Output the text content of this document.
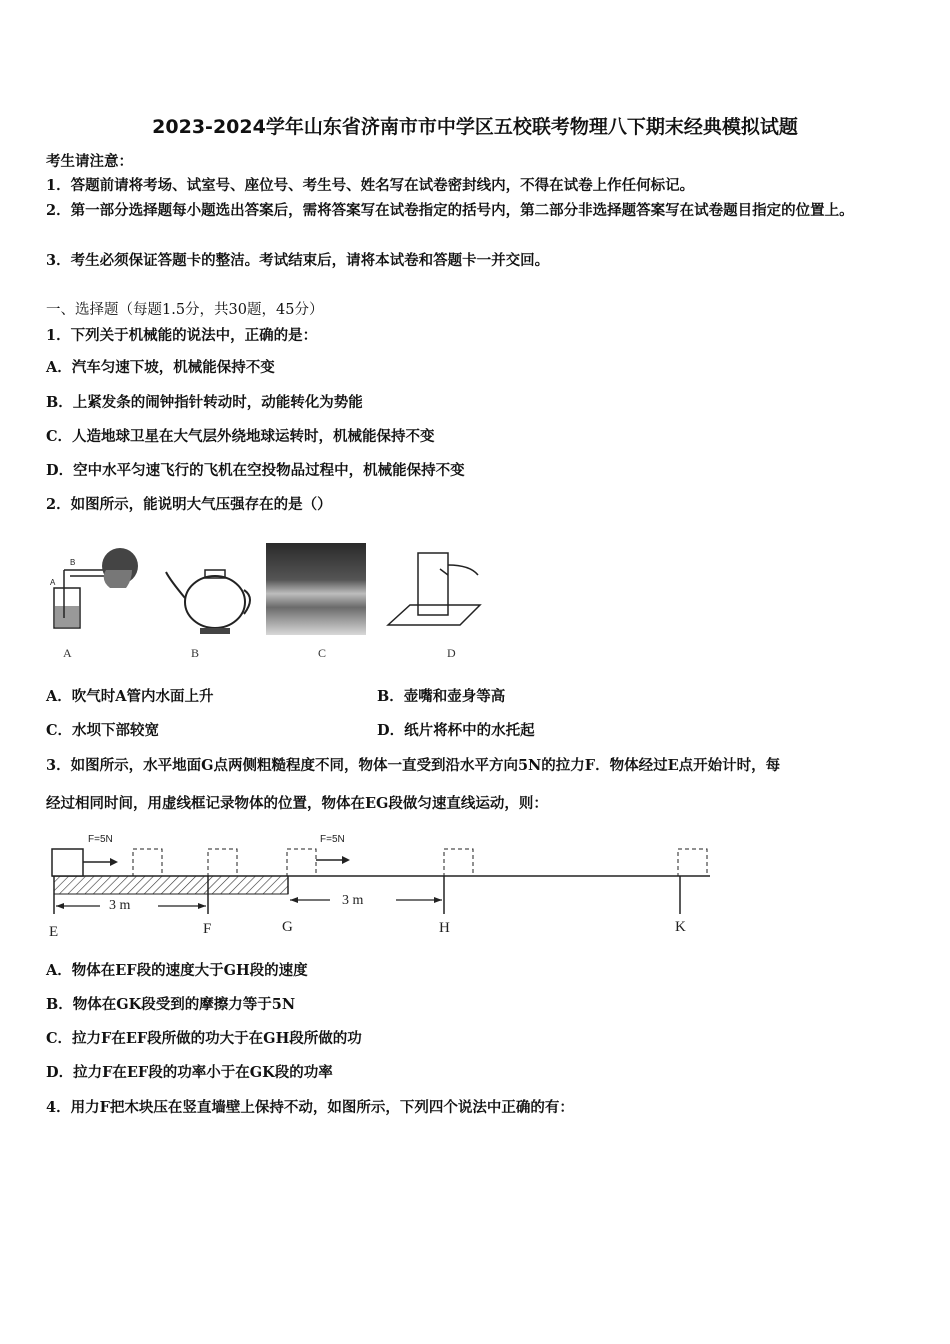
2023-2024学年山东省济南市市中学区五校联考物理八下期末经典模拟试题
考生请注意：
1．答题前请将考场、试室号、座位号、考生号、姓名写在试卷密封线内，不得在试卷上作任何标记。
2．第一部分选择题每小题选出答案后，需将答案写在试卷指定的括号内，第二部分非选择题答案写在试卷题目指定的位置上。
3．考生必须保证答题卡的整洁。考试结束后，请将本试卷和答题卡一并交回。
一、选择题（每题1.5分，共30题，45分）
1．下列关于机械能的说法中，正确的是：
A．汽车匀速下坡，机械能保持不变
B．上紧发条的闹钟指针转动时，动能转化为势能
C．人造地球卫星在大气层外绕地球运转时，机械能保持不变
D．空中水平匀速飞行的飞机在空投物品过程中，机械能保持不变
2．如图所示，能说明大气压强存在的是（）
A
B
A	B	C	D
A．吹气时A管内水面上升	B．壶嘴和壶身等高
C．水坝下部较宽	D．纸片将杯中的水托起
3．如图所示，水平地面G点两侧粗糙程度不同，物体一直受到沿水平方向5N的拉力F．物体经过E点开始计时，每
经过相同时间，用虚线框记录物体的位置，物体在EG段做匀速直线运动，则：
F=5N	F=5N
3 m	3 m
E	F	G	H	K
A．物体在EF段的速度大于GH段的速度
B．物体在GK段受到的摩擦力等于5N
C．拉力F在EF段所做的功大于在GH段所做的功
D．拉力F在EF段的功率小于在GK段的功率
4．用力F把木块压在竖直墙壁上保持不动，如图所示，下列四个说法中正确的有：
